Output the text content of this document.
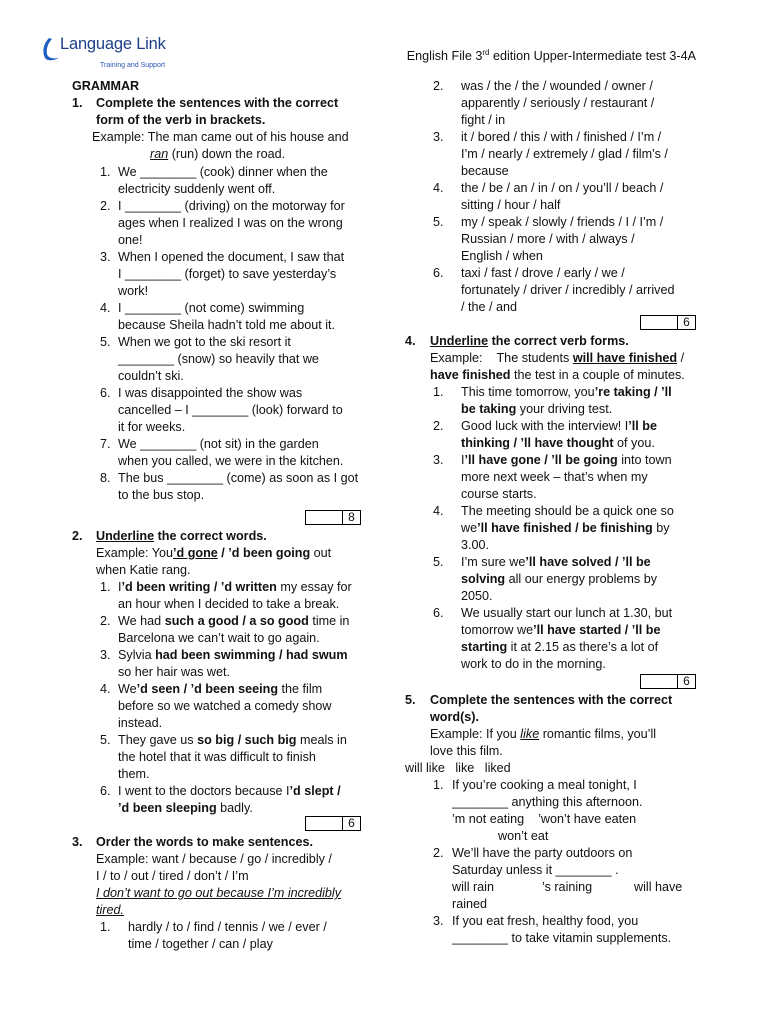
Language Link
Training and Support
English File 3rd edition Upper-Intermediate test 3-4A
GRAMMAR
1. Complete the sentences with the correct
form of the verb in brackets.
Example: The man came out of his house and
ran (run) down the road.
1. We ________ (cook) dinner when the
electricity suddenly went off.
2. I ________ (driving) on the motorway for
ages when I realized I was on the wrong
one!
3. When I opened the document, I saw that
I ________ (forget) to save yesterday’s
work!
4. I ________ (not come) swimming
because Sheila hadn’t told me about it.
5. When we got to the ski resort it
________ (snow) so heavily that we
couldn’t ski.
6. I was disappointed the show was
cancelled – I ________ (look) forward to
it for weeks.
7. We ________ (not sit) in the garden
when you called, we were in the kitchen.
8. The bus ________ (come) as soon as I got
to the bus stop.
8
2. Underline the correct words.
Example: You’d gone / ’d been going out
when Katie rang.
1. I’d been writing / ’d written my essay for
an hour when I decided to take a break.
2. We had such a good / a so good time in
Barcelona we can’t wait to go again.
3. Sylvia had been swimming / had swum
so her hair was wet.
4. We’d seen / ’d been seeing the film
before so we watched a comedy show
instead.
5. They gave us so big / such big meals in
the hotel that it was difficult to finish
them.
6. I went to the doctors because I’d slept /
’d been sleeping badly.
6
3. Order the words to make sentences.
Example: want / because / go / incredibly /
I / to / out / tired / don’t / I’m
I don’t want to go out because I’m incredibly
tired.
1.	hardly / to / find / tennis / we / ever /
time / together / can / play
2. was / the / the / wounded / owner /
apparently / seriously / restaurant /
fight / in
3. it / bored / this / with / finished / I’m /
I’m / nearly / extremely / glad / film’s /
because
4. the / be / an / in / on / you’ll / beach /
sitting / hour / half
5. my / speak / slowly / friends / I / I’m /
Russian / more / with / always /
English / when
6. taxi / fast / drove / early / we /
fortunately / driver / incredibly / arrived
/ the / and
6
4. Underline the correct verb forms.
Example:    The students will have finished /
have finished the test in a couple of minutes.
1. This time tomorrow, you’re taking / ’ll
be taking your driving test.
2. Good luck with the interview! I’ll be
thinking / ’ll have thought of you.
3. I’ll have gone / ’ll be going into town
more next week – that’s when my
course starts.
4. The meeting should be a quick one so
we’ll have finished / be finishing by
3.00.
5. I’m sure we’ll have solved / ’ll be
solving all our energy problems by
2050.
6. We usually start our lunch at 1.30, but
tomorrow we’ll have started / ’ll be
starting it at 2.15 as there’s a lot of
work to do in the morning.
6
5. Complete the sentences with the correct
word(s).
Example: If you like romantic films, you’ll
love this film.
will like   like   liked
1. If you’re cooking a meal tonight, I
________ anything this afternoon.
’m not eating    ’won’t have eaten
won’t eat
2. We’ll have the party outdoors on
Saturday unless it ________ .
will rain	’s raining	will have
rained
3. If you eat fresh, healthy food, you
________ to take vitamin supplements.
